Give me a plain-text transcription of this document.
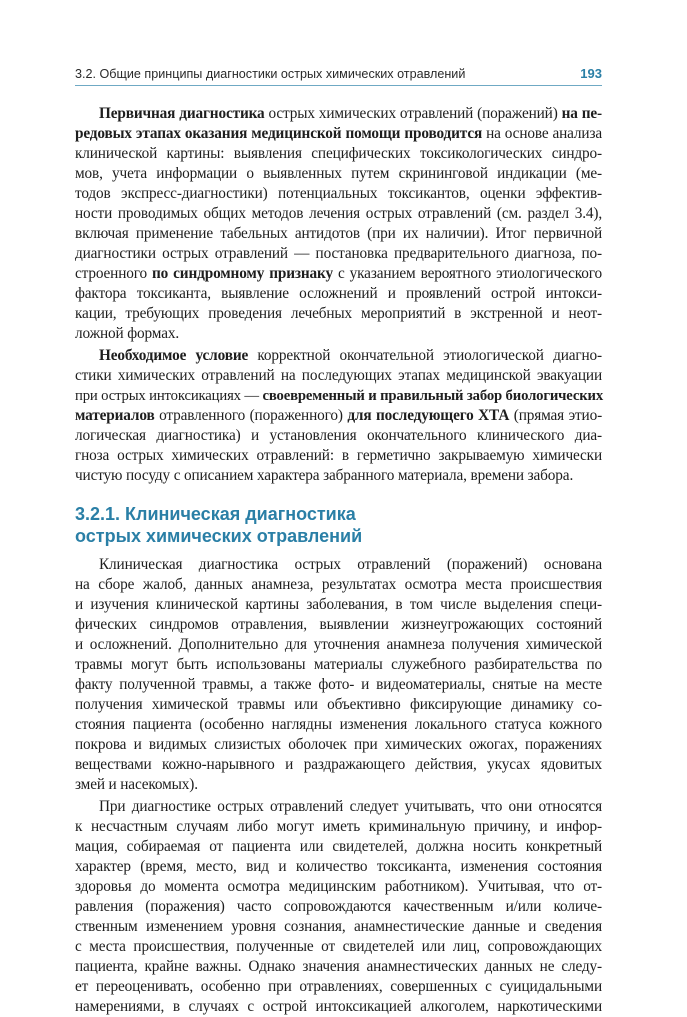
3.2. Общие принципы диагностики острых химических отравлений	193
Первичная диагностика острых химических отравлений (поражений) на пе-
редовых этапах оказания медицинской помощи проводится на основе анализа
клинической картины: выявления специфических токсикологических синдро-
мов, учета информации о выявленных путем скрининговой индикации (ме-
тодов экспресс-диагностики) потенциальных токсикантов, оценки эффектив-
ности проводимых общих методов лечения острых отравлений (см. раздел 3.4),
включая применение табельных антидотов (при их наличии). Итог первичной
диагностики острых отравлений — постановка предварительного диагноза, по-
строенного по синдромному признаку с указанием вероятного этиологического
фактора токсиканта, выявление осложнений и проявлений острой интокси-
кации, требующих проведения лечебных мероприятий в экстренной и неот-
ложной формах.
Необходимое условие корректной окончательной этиологической диагно-
стики химических отравлений на последующих этапах медицинской эвакуации
при острых интоксикациях — своевременный и правильный забор биологических
материалов отравленного (пораженного) для последующего ХТА (прямая этио-
логическая диагностика) и установления окончательного клинического диа-
гноза острых химических отравлений: в герметично закрываемую химически
чистую посуду с описанием характера забранного материала, времени забора.
3.2.1. Клиническая диагностика
острых химических отравлений
Клиническая диагностика острых отравлений (поражений) основана
на сборе жалоб, данных анамнеза, результатах осмотра места происшествия
и изучения клинической картины заболевания, в том числе выделения специ-
фических синдромов отравления, выявлении жизнеугрожающих состояний
и осложнений. Дополнительно для уточнения анамнеза получения химической
травмы могут быть использованы материалы служебного разбирательства по
факту полученной травмы, а также фото- и видеоматериалы, снятые на месте
получения химической травмы или объективно фиксирующие динамику со-
стояния пациента (особенно наглядны изменения локального статуса кожного
покрова и видимых слизистых оболочек при химических ожогах, поражениях
веществами кожно-нарывного и раздражающего действия, укусах ядовитых
змей и насекомых).
При диагностике острых отравлений следует учитывать, что они относятся
к несчастным случаям либо могут иметь криминальную причину, и инфор-
мация, собираемая от пациента или свидетелей, должна носить конкретный
характер (время, место, вид и количество токсиканта, изменения состояния
здоровья до момента осмотра медицинским работником). Учитывая, что от-
равления (поражения) часто сопровождаются качественным и/или количе-
ственным изменением уровня сознания, анамнестические данные и сведения
с места происшествия, полученные от свидетелей или лиц, сопровождающих
пациента, крайне важны. Однако значения анамнестических данных не следу-
ет переоценивать, особенно при отравлениях, совершенных с суицидальными
намерениями, в случаях с острой интоксикацией алкоголем, наркотическими
